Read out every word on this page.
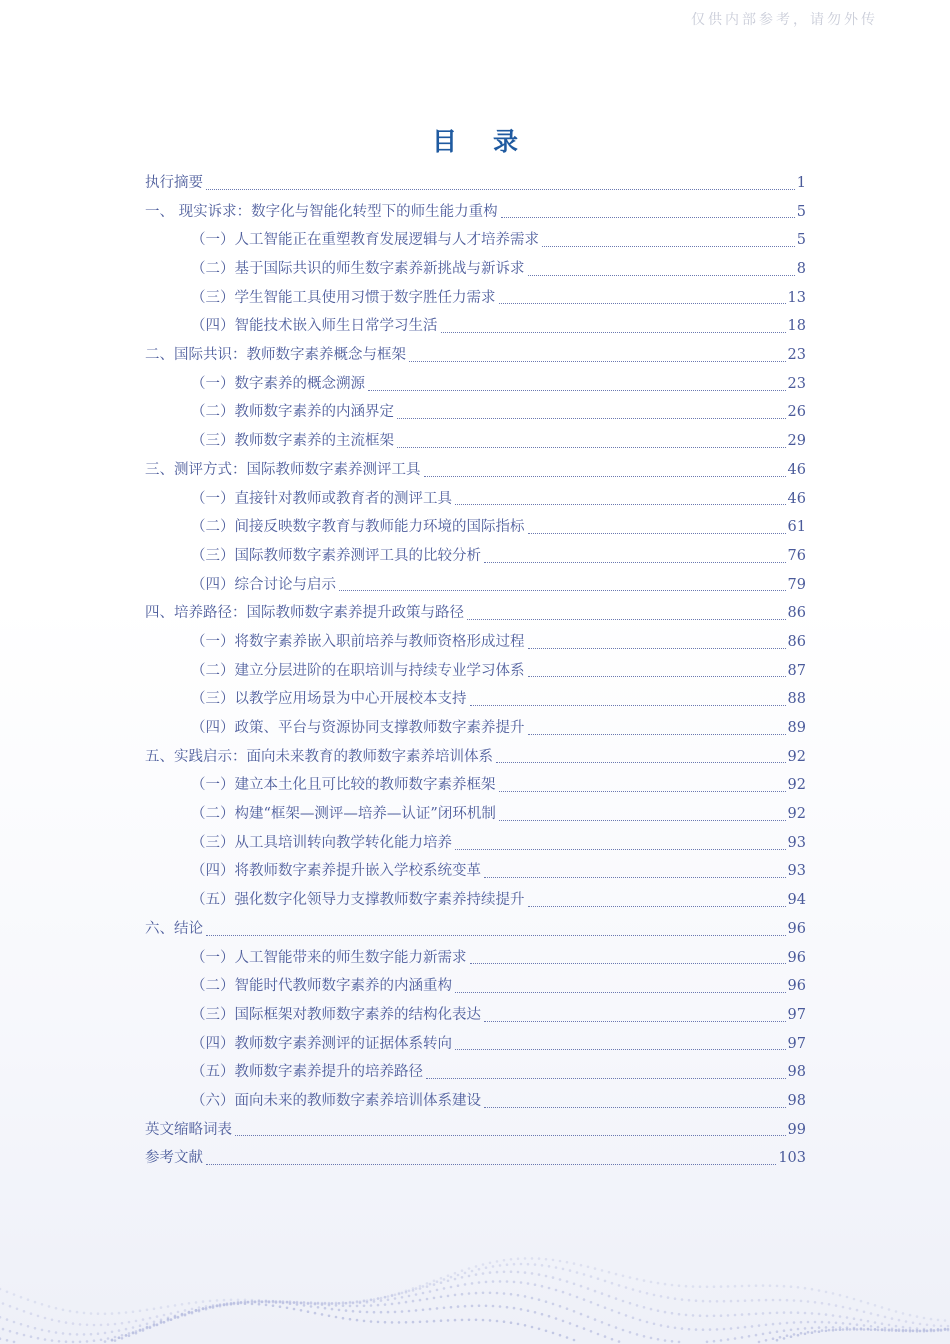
仅供内部参考，请勿外传
目录
执行摘要	1
一、 现实诉求：数字化与智能化转型下的师生能力重构	5
（一）人工智能正在重塑教育发展逻辑与人才培养需求	5
（二）基于国际共识的师生数字素养新挑战与新诉求	8
（三）学生智能工具使用习惯于数字胜任力需求	13
（四）智能技术嵌入师生日常学习生活	18
二、国际共识：教师数字素养概念与框架	23
（一）数字素养的概念溯源	23
（二）教师数字素养的内涵界定	26
（三）教师数字素养的主流框架	29
三、测评方式：国际教师数字素养测评工具	46
（一）直接针对教师或教育者的测评工具	46
（二）间接反映数字教育与教师能力环境的国际指标	61
（三）国际教师数字素养测评工具的比较分析	76
（四）综合讨论与启示	79
四、培养路径：国际教师数字素养提升政策与路径	86
（一）将数字素养嵌入职前培养与教师资格形成过程	86
（二）建立分层进阶的在职培训与持续专业学习体系	87
（三）以教学应用场景为中心开展校本支持	88
（四）政策、平台与资源协同支撑教师数字素养提升	89
五、实践启示：面向未来教育的教师数字素养培训体系	92
（一）建立本土化且可比较的教师数字素养框架	92
（二）构建“框架—测评—培养—认证”闭环机制	92
（三）从工具培训转向教学转化能力培养	93
（四）将教师数字素养提升嵌入学校系统变革	93
（五）强化数字化领导力支撑教师数字素养持续提升	94
六、结论	96
（一）人工智能带来的师生数字能力新需求	96
（二）智能时代教师数字素养的内涵重构	96
（三）国际框架对教师数字素养的结构化表达	97
（四）教师数字素养测评的证据体系转向	97
（五）教师数字素养提升的培养路径	98
（六）面向未来的教师数字素养培训体系建设	98
英文缩略词表	99
参考文献	103
